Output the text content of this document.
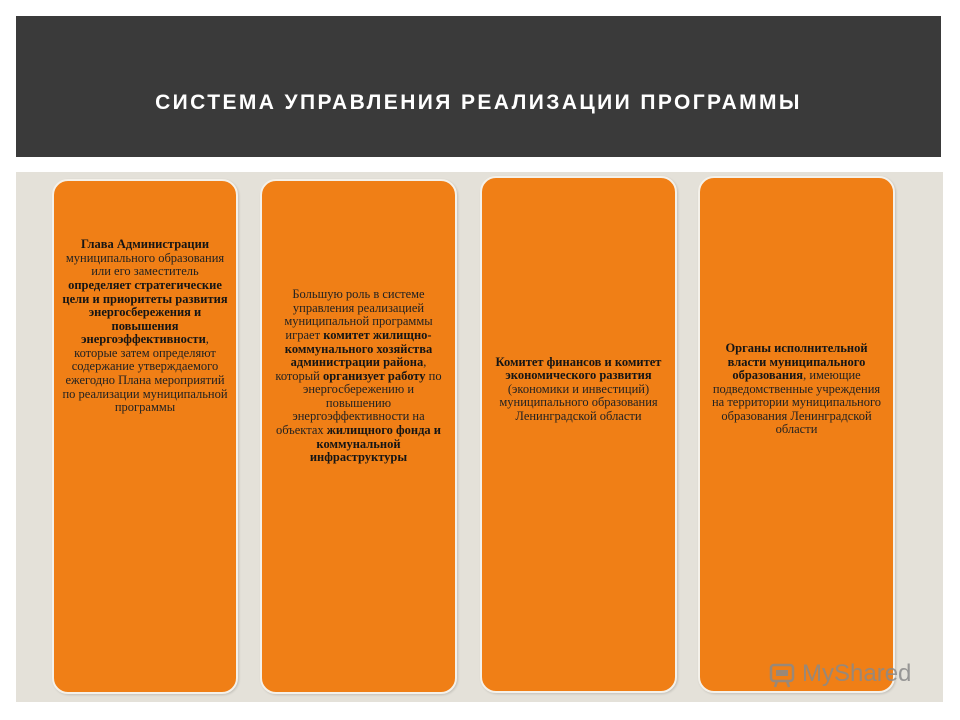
СИСТЕМА УПРАВЛЕНИЯ РЕАЛИЗАЦИИ ПРОГРАММЫ
Глава Администрации муниципального образования или его заместитель определяет стратегические цели и приоритеты развития энергосбережения и повышения энергоэффективности, которые затем определяют содержание утверждаемого ежегодно Плана мероприятий по реализации муниципальной программы
Большую роль в системе управления реализацией муниципальной программы играет комитет жилищно-коммунального хозяйства администрации района, который организует работу по энергосбережению и повышению энергоэффективности на объектах жилищного фонда и коммунальной инфраструктуры
Комитет финансов и комитет экономического развития (экономики и инвестиций) муниципального образования Ленинградской области
Органы исполнительной власти муниципального образования, имеющие подведомственные учреждения на территории муниципального образования Ленинградской области
MyShared
